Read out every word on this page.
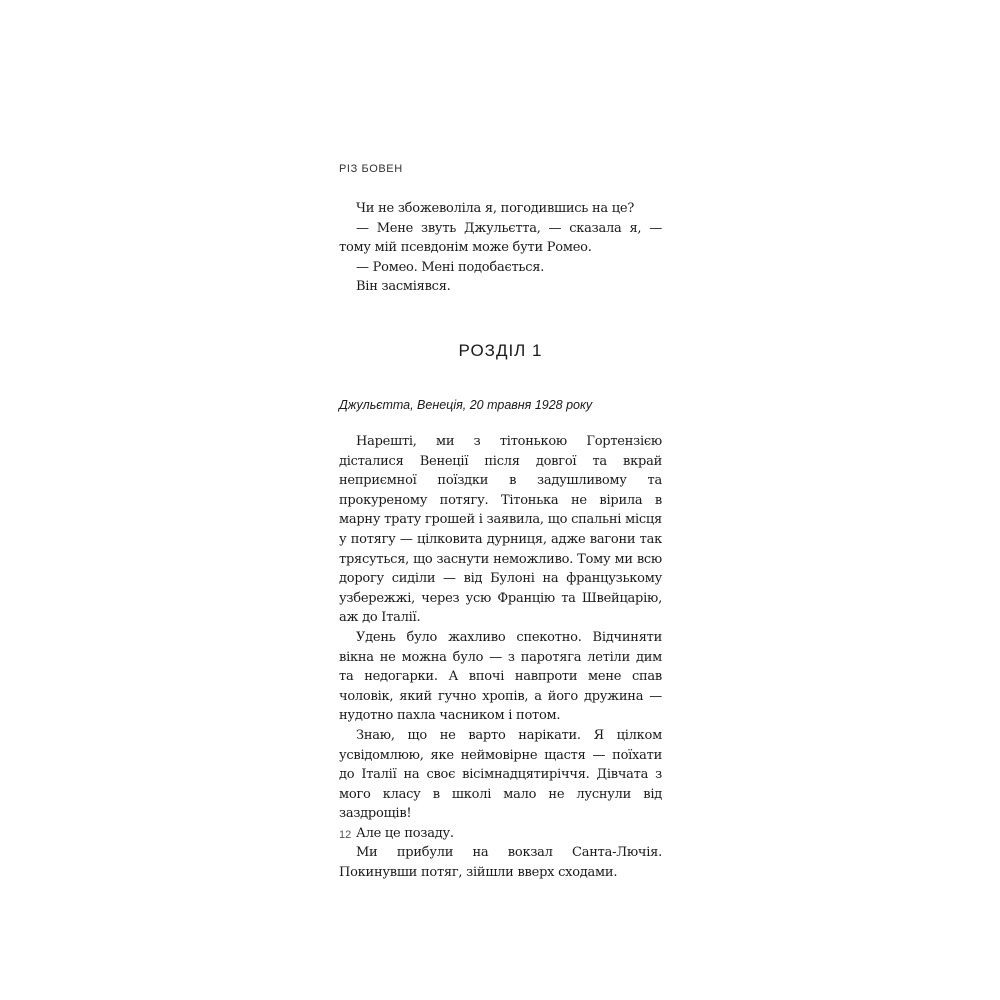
РІЗ БОВЕН

Чи не збожеволіла я, погодившись на це?

— Мене звуть Джульєтта, — сказала я, — тому мій псевдонім може бути Ромео.

— Ромео. Мені подобається.

Він засміявся.

РОЗДІЛ 1
Джульєтта, Венеція, 20 травня 1928 року

Нарешті, ми з тітонькою Гортензією дісталися Венеції після довгої та вкрай неприємної поїздки в задушливому та прокуреному потягу. Тітонька не вірила в марну трату грошей і заявила, що спальні місця у потягу — цілковита дурниця, адже вагони так трясуться, що заснути неможливо. Тому ми всю дорогу сиділи — від Булоні на французькому узбережжі, через усю Францію та Швейцарію, аж до Італії.

Удень було жахливо спекотно. Відчиняти вікна не можна було — з паротяга летіли дим та недогарки. А впочі навпроти мене спав чоловік, який гучно хропів, а його дружина — нудотно пахла часником і потом.

Знаю, що не варто нарікати. Я цілком усвідомлюю, яке неймовірне щастя — поїхати до Італії на своє вісімнадцятиріччя. Дівчата з мого класу в школі мало не луснули від заздрощів!

Але це позаду.

Ми прибули на вокзал Санта-Лючія. Покинувши потяг, зійшли вверх сходами.

12
